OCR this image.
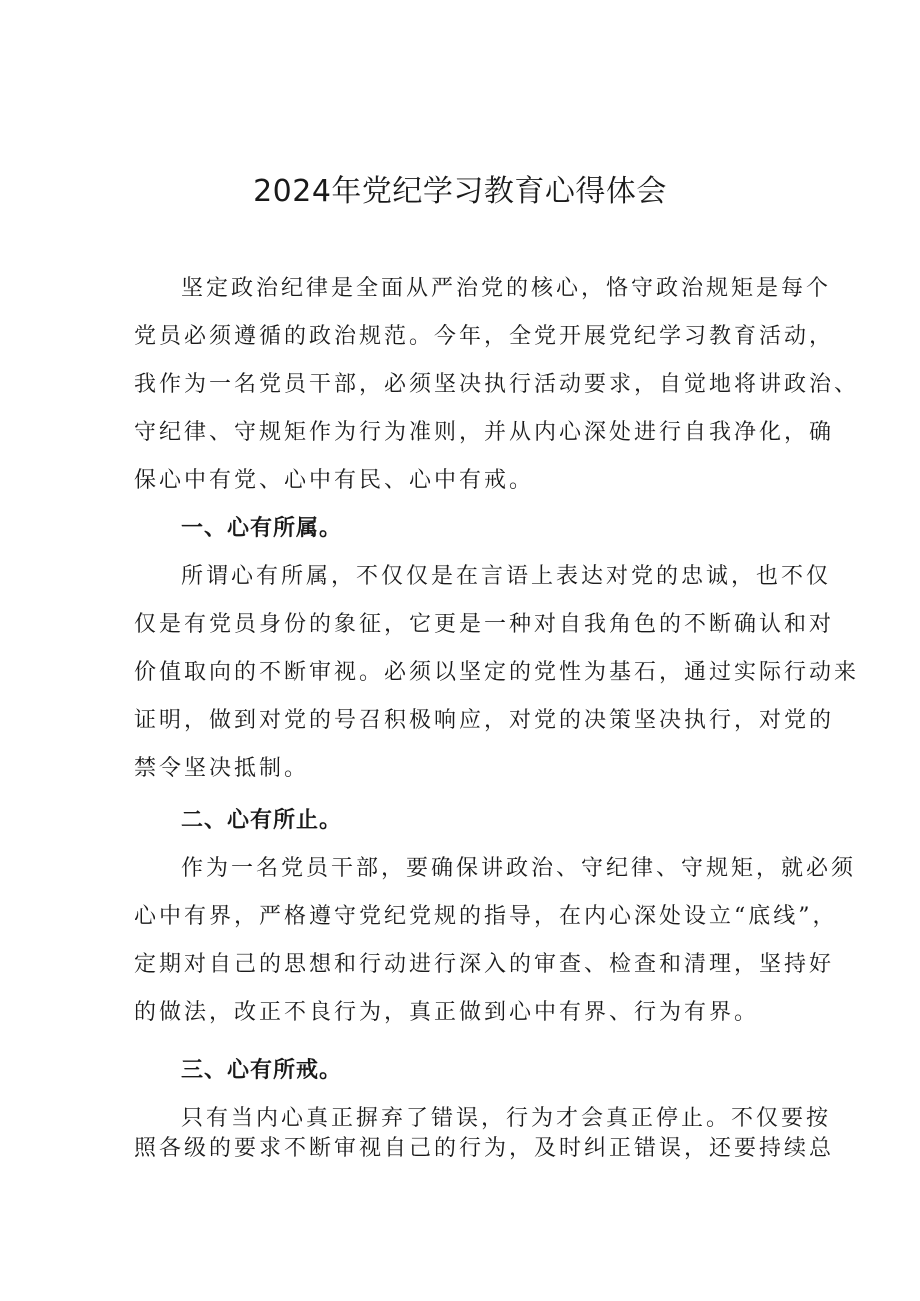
2024年党纪学习教育心得体会

坚定政治纪律是全面从严治党的核心，恪守政治规矩是每个

党员必须遵循的政治规范。今年，全党开展党纪学习教育活动，

我作为一名党员干部，必须坚决执行活动要求，自觉地将讲政治、

守纪律、守规矩作为行为准则，并从内心深处进行自我净化，确

保心中有党、心中有民、心中有戒。

一、心有所属。

所谓心有所属，不仅仅是在言语上表达对党的忠诚，也不仅

仅是有党员身份的象征，它更是一种对自我角色的不断确认和对

价值取向的不断审视。必须以坚定的党性为基石，通过实际行动来

证明，做到对党的号召积极响应，对党的决策坚决执行，对党的

禁令坚决抵制。

二、心有所止。

作为一名党员干部，要确保讲政治、守纪律、守规矩，就必须

心中有界，严格遵守党纪党规的指导，在内心深处设立“底线”，

定期对自己的思想和行动进行深入的审查、检查和清理，坚持好

的做法，改正不良行为，真正做到心中有界、行为有界。

三、心有所戒。

只有当内心真正摒弃了错误，行为才会真正停止。不仅要按

照各级的要求不断审视自己的行为，及时纠正错误，还要持续总
